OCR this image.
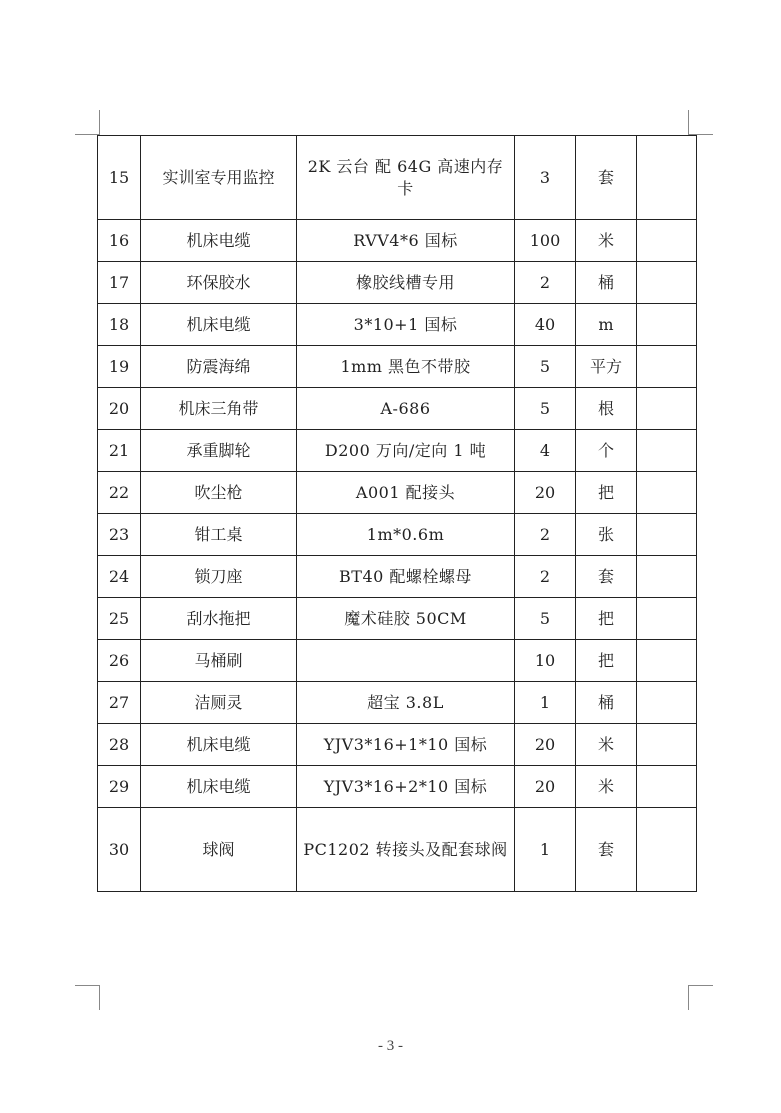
15	实训室专用监控	2K 云台 配 64G 高速内存卡	3	套	
16	机床电缆	RVV4*6 国标	100	米	
17	环保胶水	橡胶线槽专用	2	桶	
18	机床电缆	3*10+1 国标	40	m	
19	防震海绵	1mm 黑色不带胶	5	平方	
20	机床三角带	A-686	5	根	
21	承重脚轮	D200 万向/定向 1 吨	4	个	
22	吹尘枪	A001 配接头	20	把	
23	钳工桌	1m*0.6m	2	张	
24	锁刀座	BT40 配螺栓螺母	2	套	
25	刮水拖把	魔术硅胶 50CM	5	把	
26	马桶刷		10	把	
27	洁厕灵	超宝 3.8L	1	桶	
28	机床电缆	YJV3*16+1*10 国标	20	米	
29	机床电缆	YJV3*16+2*10 国标	20	米	
30	球阀	PC1202 转接头及配套球阀	1	套	
- 3 -
